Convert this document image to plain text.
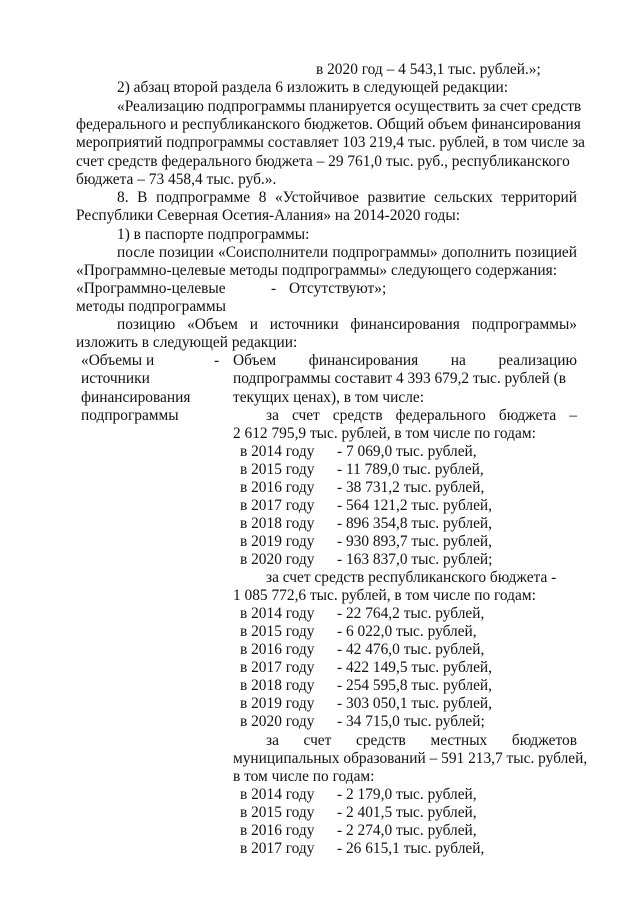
в 2020 год – 4 543,1 тыс. рублей.»;
2) абзац второй раздела 6 изложить в следующей редакции:
«Реализацию подпрограммы планируется осуществить за счет средств
федерального и республиканского бюджетов. Общий объем финансирования
мероприятий подпрограммы составляет 103 219,4 тыс. рублей, в том числе за
счет средств федерального бюджета – 29 761,0 тыс. руб., республиканского
бюджета – 73 458,4 тыс. руб.».
8. В подпрограмме 8 «Устойчивое развитие сельских территорий
Республики Северная Осетия-Алания» на 2014-2020 годы:
1) в паспорте подпрограммы:
после позиции «Соисполнители подпрограммы» дополнить позицией
«Программно-целевые методы подпрограммы» следующего содержания:
«Программно-целевые
методы подпрограммы
- Отсутствуют»;
позицию «Объем и источники финансирования подпрограммы»
изложить в следующей редакции:
«Объемы и
источники
финансирования
подпрограммы
- Объем финансирования на реализацию
подпрограммы составит 4 393 679,2 тыс. рублей (в
текущих ценах), в том числе:
за счет средств федерального бюджета –
2 612 795,9 тыс. рублей, в том числе по годам:
в 2014 году - 7 069,0 тыс. рублей,
в 2015 году - 11 789,0 тыс. рублей,
в 2016 году - 38 731,2 тыс. рублей,
в 2017 году - 564 121,2 тыс. рублей,
в 2018 году - 896 354,8 тыс. рублей,
в 2019 году - 930 893,7 тыс. рублей,
в 2020 году - 163 837,0 тыс. рублей;
за счет средств республиканского бюджета -
1 085 772,6 тыс. рублей, в том числе по годам:
в 2014 году - 22 764,2 тыс. рублей,
в 2015 году - 6 022,0 тыс. рублей,
в 2016 году - 42 476,0 тыс. рублей,
в 2017 году - 422 149,5 тыс. рублей,
в 2018 году - 254 595,8 тыс. рублей,
в 2019 году - 303 050,1 тыс. рублей,
в 2020 году - 34 715,0 тыс. рублей;
за счет средств местных бюджетов
муниципальных образований – 591 213,7 тыс. рублей,
в том числе по годам:
в 2014 году - 2 179,0 тыс. рублей,
в 2015 году - 2 401,5 тыс. рублей,
в 2016 году - 2 274,0 тыс. рублей,
в 2017 году - 26 615,1 тыс. рублей,
